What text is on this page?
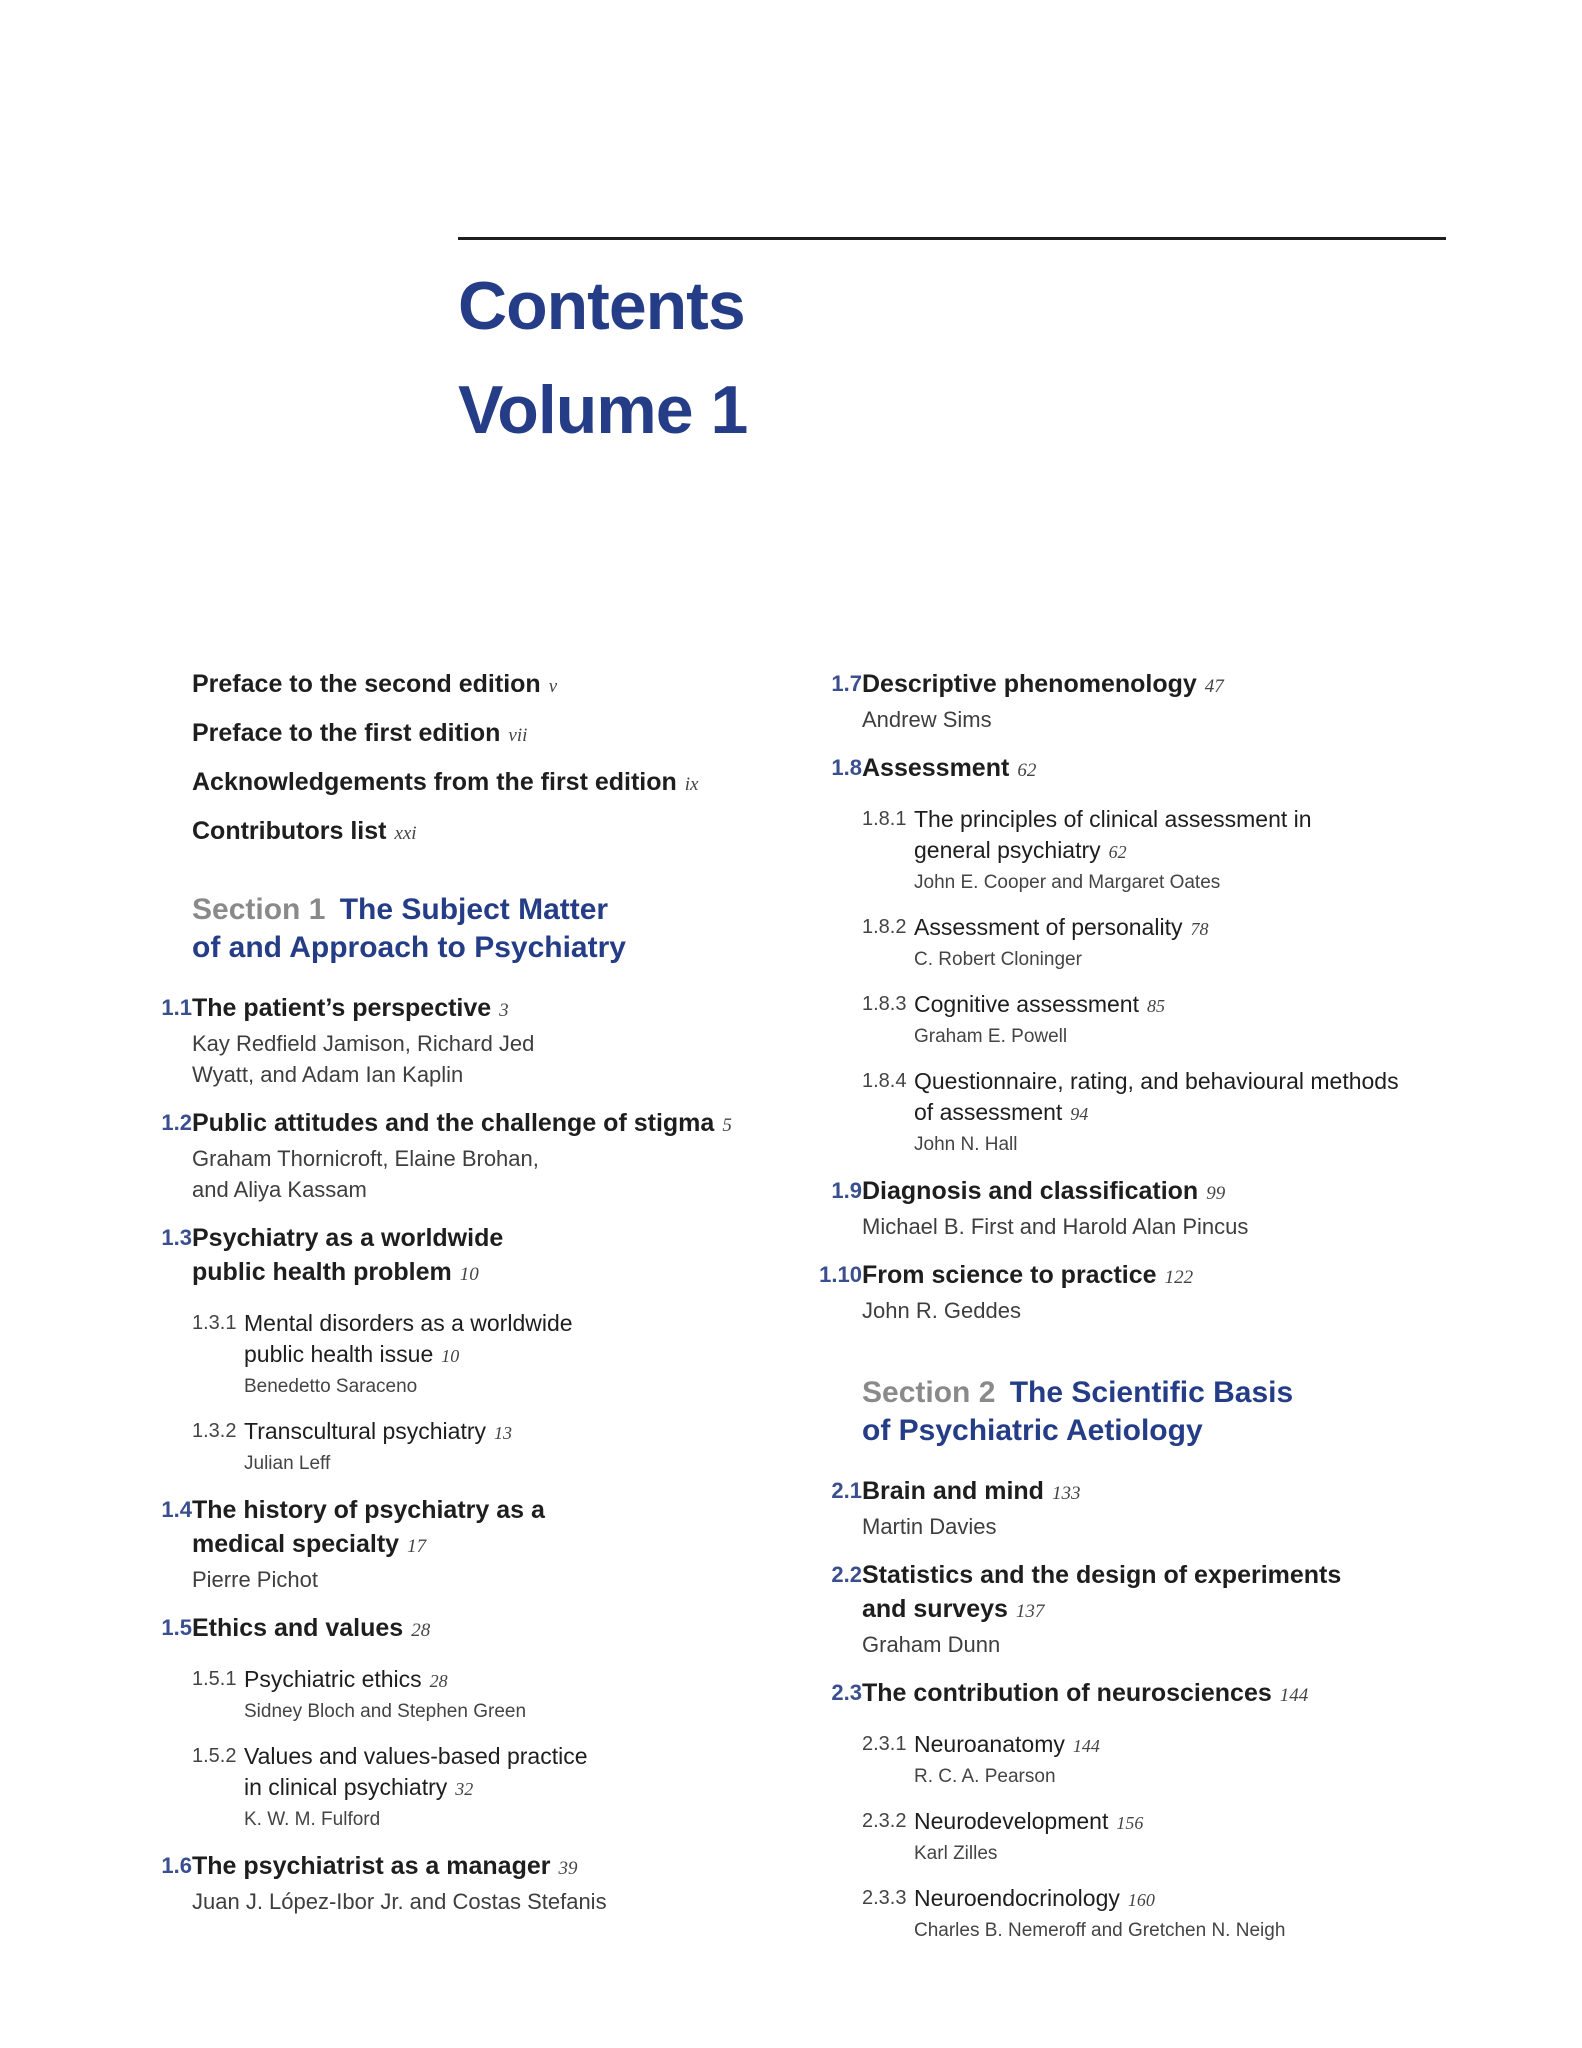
Contents
Volume 1
Preface to the second edition v
Preface to the first edition vii
Acknowledgements from the first edition ix
Contributors list xxi
Section 1 The Subject Matter
of and Approach to Psychiatry
1.1 The patient’s perspective 3
Kay Redfield Jamison, Richard Jed
Wyatt, and Adam Ian Kaplin
1.2 Public attitudes and the challenge of stigma 5
Graham Thornicroft, Elaine Brohan,
and Aliya Kassam
1.3 Psychiatry as a worldwide
public health problem 10
1.3.1 Mental disorders as a worldwide
public health issue 10
Benedetto Saraceno
1.3.2 Transcultural psychiatry 13
Julian Leff
1.4 The history of psychiatry as a
medical specialty 17
Pierre Pichot
1.5 Ethics and values 28
1.5.1 Psychiatric ethics 28
Sidney Bloch and Stephen Green
1.5.2 Values and values-based practice
in clinical psychiatry 32
K. W. M. Fulford
1.6 The psychiatrist as a manager 39
Juan J. López-Ibor Jr. and Costas Stefanis
1.7 Descriptive phenomenology 47
Andrew Sims
1.8 Assessment 62
1.8.1 The principles of clinical assessment in
general psychiatry 62
John E. Cooper and Margaret Oates
1.8.2 Assessment of personality 78
C. Robert Cloninger
1.8.3 Cognitive assessment 85
Graham E. Powell
1.8.4 Questionnaire, rating, and behavioural methods
of assessment 94
John N. Hall
1.9 Diagnosis and classification 99
Michael B. First and Harold Alan Pincus
1.10 From science to practice 122
John R. Geddes
Section 2 The Scientific Basis
of Psychiatric Aetiology
2.1 Brain and mind 133
Martin Davies
2.2 Statistics and the design of experiments
and surveys 137
Graham Dunn
2.3 The contribution of neurosciences 144
2.3.1 Neuroanatomy 144
R. C. A. Pearson
2.3.2 Neurodevelopment 156
Karl Zilles
2.3.3 Neuroendocrinology 160
Charles B. Nemeroff and Gretchen N. Neigh
